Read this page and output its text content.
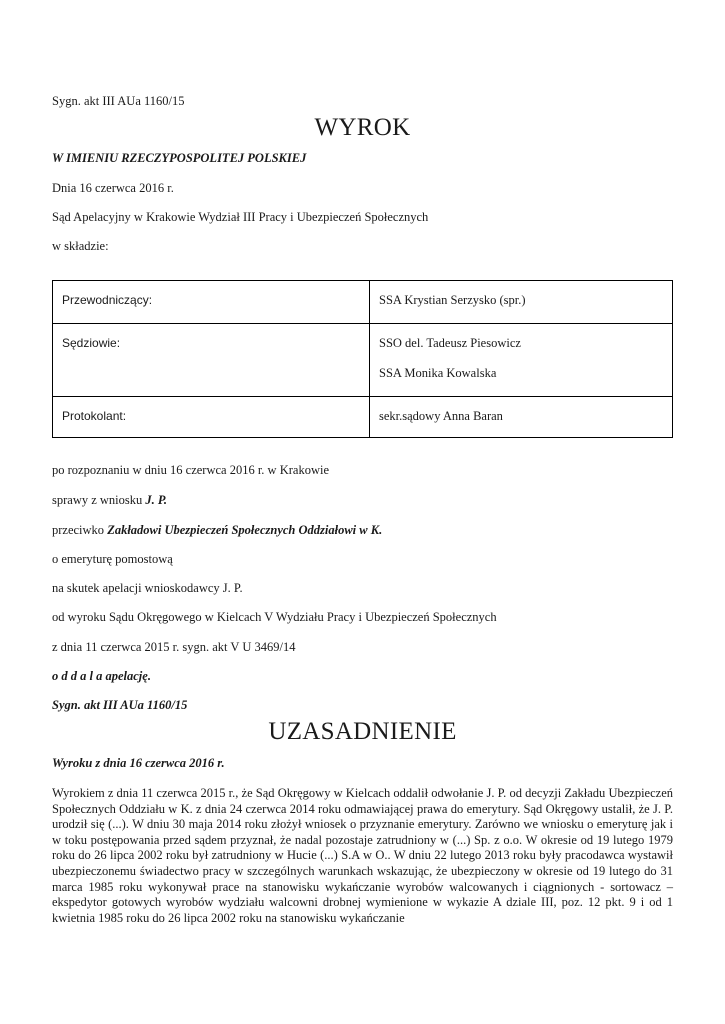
Sygn. akt III AUa 1160/15
WYROK
W IMIENIU RZECZYPOSPOLITEJ POLSKIEJ
Dnia 16 czerwca 2016 r.
Sąd Apelacyjny w Krakowie Wydział III Pracy i Ubezpieczeń Społecznych
w składzie:
Przewodniczący:	SSA Krystian Serzysko (spr.)

Sędziowie:	SSO del. Tadeusz Piesowicz
SSA Monika Kowalska

Protokolant:	sekr.sądowy Anna Baran
po rozpoznaniu w dniu 16 czerwca 2016 r. w Krakowie
sprawy z wniosku J. P.
przeciwko Zakładowi Ubezpieczeń Społecznych Oddziałowi w K.
o emeryturę pomostową
na skutek apelacji wnioskodawcy J. P.
od wyroku Sądu Okręgowego w Kielcach V Wydziału Pracy i Ubezpieczeń Społecznych
z dnia 11 czerwca 2015 r. sygn. akt V U 3469/14
o d d a l a apelację.
Sygn. akt III AUa 1160/15
UZASADNIENIE
Wyroku z dnia 16 czerwca 2016 r.
Wyrokiem z dnia 11 czerwca 2015 r., że Sąd Okręgowy w Kielcach oddalił odwołanie J. P. od decyzji Zakładu Ubezpieczeń Społecznych Oddziału w K. z dnia 24 czerwca 2014 roku odmawiającej prawa do emerytury. Sąd Okręgowy ustalił, że J. P. urodził się (...). W dniu 30 maja 2014 roku złożył wniosek o przyznanie emerytury. Zarówno we wniosku o emeryturę jak i w toku postępowania przed sądem przyznał, że nadal pozostaje zatrudniony w (...) Sp. z o.o. W okresie od 19 lutego 1979 roku do 26 lipca 2002 roku był zatrudniony w Hucie (...) S.A w O.. W dniu 22 lutego 2013 roku były pracodawca wystawił ubezpieczonemu świadectwo pracy w szczególnych warunkach wskazując, że ubezpieczony w okresie od 19 lutego do 31 marca 1985 roku wykonywał prace na stanowisku wykańczanie wyrobów walcowanych i ciągnionych - sortowacz – ekspedytor gotowych wyrobów wydziału walcowni drobnej wymienione w wykazie A dziale III, poz. 12 pkt. 9 i od 1 kwietnia 1985 roku do 26 lipca 2002 roku na stanowisku wykańczanie
